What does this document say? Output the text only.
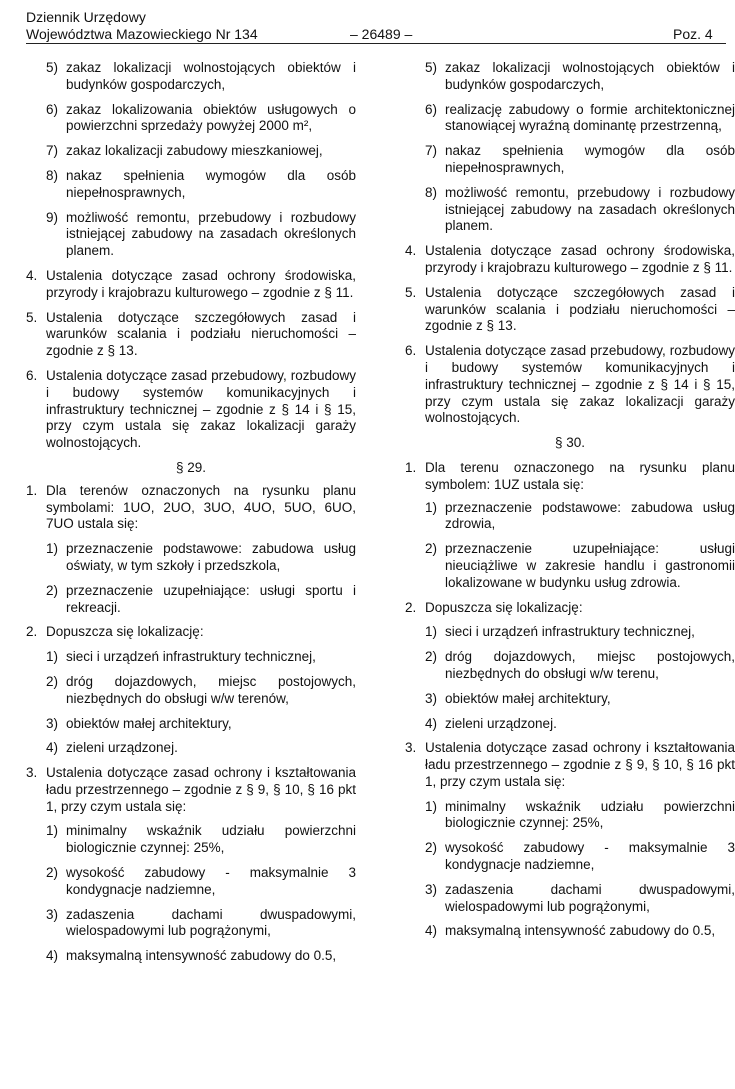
Dziennik Urzędowy
Województwa Mazowieckiego Nr 134	– 26489 –	Poz. 4
5) zakaz lokalizacji wolnostojących obiektów i budynków gospodarczych,
6) zakaz lokalizowania obiektów usługowych o powierzchni sprzedaży powyżej 2000 m²,
7) zakaz lokalizacji zabudowy mieszkaniowej,
8) nakaz spełnienia wymogów dla osób niepełnosprawnych,
9) możliwość remontu, przebudowy i rozbudowy istniejącej zabudowy na zasadach określonych planem.
4. Ustalenia dotyczące zasad ochrony środowiska, przyrody i krajobrazu kulturowego – zgodnie z § 11.
5. Ustalenia dotyczące szczegółowych zasad i warunków scalania i podziału nieruchomości – zgodnie z § 13.
6. Ustalenia dotyczące zasad przebudowy, rozbudowy i budowy systemów komunikacyjnych i infrastruktury technicznej – zgodnie z § 14 i § 15, przy czym ustala się zakaz lokalizacji garaży wolnostojących.
§ 29.
1. Dla terenów oznaczonych na rysunku planu symbolami: 1UO, 2UO, 3UO, 4UO, 5UO, 6UO, 7UO ustala się:
1) przeznaczenie podstawowe: zabudowa usług oświaty, w tym szkoły i przedszkola,
2) przeznaczenie uzupełniające: usługi sportu i rekreacji.
2. Dopuszcza się lokalizację:
1) sieci i urządzeń infrastruktury technicznej,
2) dróg dojazdowych, miejsc postojowych, niezbędnych do obsługi w/w terenów,
3) obiektów małej architektury,
4) zieleni urządzonej.
3. Ustalenia dotyczące zasad ochrony i kształtowania ładu przestrzennego – zgodnie z § 9, § 10, § 16 pkt 1, przy czym ustala się:
1) minimalny wskaźnik udziału powierzchni biologicznie czynnej: 25%,
2) wysokość zabudowy - maksymalnie 3 kondygnacje nadziemne,
3) zadaszenia dachami dwuspadowymi, wielospadowymi lub pogrążonymi,
4) maksymalną intensywność zabudowy do 0.5,
5) zakaz lokalizacji wolnostojących obiektów i budynków gospodarczych,
6) realizację zabudowy o formie architektonicznej stanowiącej wyraźną dominantę przestrzenną,
7) nakaz spełnienia wymogów dla osób niepełnosprawnych,
8) możliwość remontu, przebudowy i rozbudowy istniejącej zabudowy na zasadach określonych planem.
4. Ustalenia dotyczące zasad ochrony środowiska, przyrody i krajobrazu kulturowego – zgodnie z § 11.
5. Ustalenia dotyczące szczegółowych zasad i warunków scalania i podziału nieruchomości – zgodnie z § 13.
6. Ustalenia dotyczące zasad przebudowy, rozbudowy i budowy systemów komunikacyjnych i infrastruktury technicznej – zgodnie z § 14 i § 15, przy czym ustala się zakaz lokalizacji garaży wolnostojących.
§ 30.
1. Dla terenu oznaczonego na rysunku planu symbolem: 1UZ ustala się:
1) przeznaczenie podstawowe: zabudowa usług zdrowia,
2) przeznaczenie uzupełniające: usługi nieuciążliwe w zakresie handlu i gastronomii lokalizowane w budynku usług zdrowia.
2. Dopuszcza się lokalizację:
1) sieci i urządzeń infrastruktury technicznej,
2) dróg dojazdowych, miejsc postojowych, niezbędnych do obsługi w/w terenu,
3) obiektów małej architektury,
4) zieleni urządzonej.
3. Ustalenia dotyczące zasad ochrony i kształtowania ładu przestrzennego – zgodnie z § 9, § 10, § 16 pkt 1, przy czym ustala się:
1) minimalny wskaźnik udziału powierzchni biologicznie czynnej: 25%,
2) wysokość zabudowy - maksymalnie 3 kondygnacje nadziemne,
3) zadaszenia dachami dwuspadowymi, wielospadowymi lub pogrążonymi,
4) maksymalną intensywność zabudowy do 0.5,
